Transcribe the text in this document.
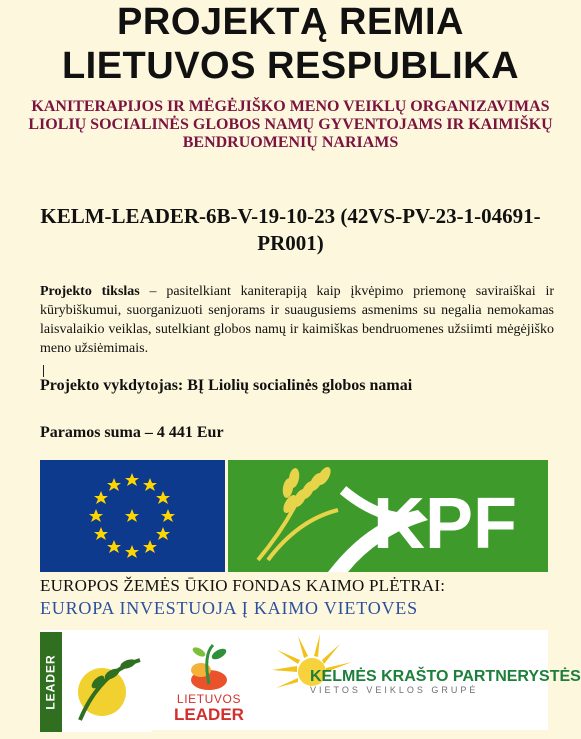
PROJEKTĄ REMIA
LIETUVOS RESPUBLIKA
KANITERAPIJOS IR MĖGĖJIŠKO MENO VEIKLŲ ORGANIZAVIMAS LIOLIŲ SOCIALINĖS GLOBOS NAMŲ GYVENTOJAMS IR KAIMIŠKŲ BENDRUOMENIŲ NARIAMS
KELM-LEADER-6B-V-19-10-23 (42VS-PV-23-1-04691-PR001)
Projekto tikslas – pasitelkiant kaniterapiją kaip įkvėpimo priemonę saviraiškai ir kūrybiškumui, suorganizuoti senjorams ir suaugusiems asmenims su negalia nemokamas laisvalaikio veiklas, sutelkiant globos namų ir kaimiškas bendruomenes užsiimti mėgėjiško meno užsiėmimais.
Projekto vykdytojas: BĮ Liolių socialinės globos namai
Paramos suma – 4 441 Eur
KPF
EUROPOS ŽEMĖS ŪKIO FONDAS KAIMO PLĖTRAI:
EUROPA INVESTUOJA Į KAIMO VIETOVES
LEADER	LIETUVOS
LEADER
KELMĖS KRAŠTO PARTNERYSTĖS
VIETOS VEIKLOS GRUPĖ
